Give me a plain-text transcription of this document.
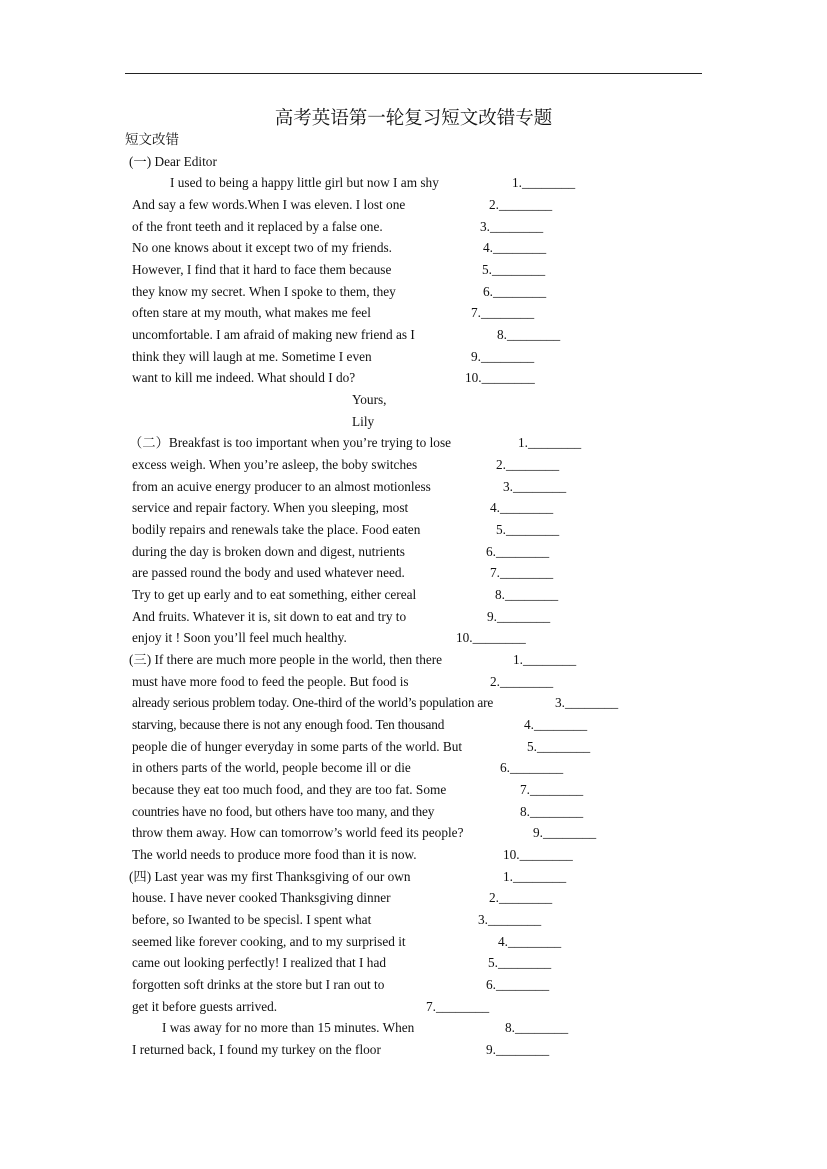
高考英语第一轮复习短文改错专题
短文改错
(一) Dear Editor
I used to being a happy little girl but now I am shy
And say a few words.When I was eleven. I lost one
of the front teeth and it replaced by a false one.
No one knows about it except two of my friends.
However, I find that it hard to face them because
they know my secret. When I spoke to them, they
often stare at my mouth, what makes me feel
uncomfortable. I am afraid of making new friend as I
think they will laugh at me. Sometime I even
want to kill me indeed. What should I do?
Yours,
Lily
（二）Breakfast is too important when you’re trying to lose
excess weigh. When you’re asleep, the boby switches
from an acuive energy producer to an almost motionless
service and repair factory. When you sleeping, most
bodily repairs and renewals take the place. Food eaten
during the day is broken down and digest, nutrients
are passed round the body and used whatever need.
Try to get up early and to eat something, either cereal
And fruits. Whatever it is, sit down to eat and try to
enjoy it ! Soon you’ll feel much healthy.
(三) If there are much more people in the world, then there
must have more food to feed the people. But food is
already serious problem today. One-third of the world’s population are
starving, because there is not any enough food. Ten thousand
people die of hunger everyday in some parts of the world. But
in others parts of the world, people become ill or die
because they eat too much food, and they are too fat. Some
countries have no food, but others have too many, and they
throw them away. How can tomorrow’s world feed its people?
The world needs to produce more food than it is now.
(四) Last year was my first Thanksgiving of our own
house. I have never cooked Thanksgiving dinner
before, so Iwanted to be specisl. I spent what
seemed like forever cooking, and to my surprised it
came out looking perfectly! I realized that I had
forgotten soft drinks at the store but I ran out to
get it before guests arrived.
I was away for no more than 15 minutes. When
I returned back, I found my turkey on the floor
1.________
2.________
3.________
4.________
5.________
6.________
7.________
8.________
9.________
10.________
1.________
2.________
3.________
4.________
5.________
6.________
7.________
8.________
9.________
10.________
1.________
2.________
3.________
4.________
5.________
6.________
7.________
8.________
9.________
10.________
1.________
2.________
3.________
4.________
5.________
6.________
7.________
8.________
9.________
